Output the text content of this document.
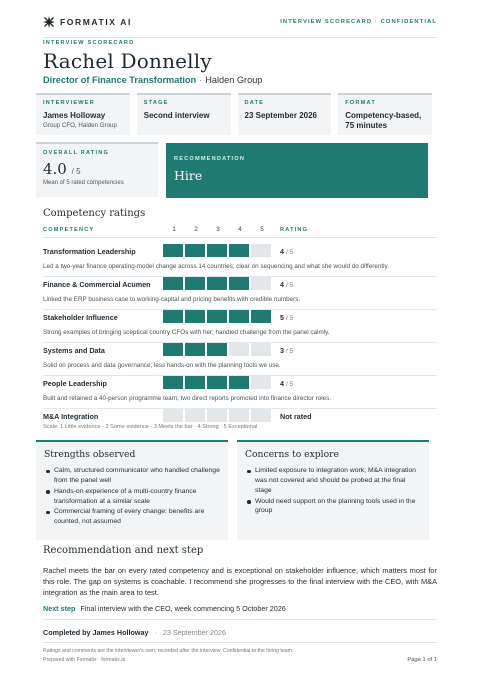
FORMATIX AI	INTERVIEW SCORECARD · CONFIDENTIAL
INTERVIEW SCORECARD
Rachel Donnelly
Director of Finance Transformation · Halden Group
INTERVIEWER
James Holloway
Group CFO, Halden Group
STAGE
Second interview
DATE
23 September 2026
FORMAT
Competency-based, 75 minutes
OVERALL RATING
4.0 / 5
Mean of 5 rated competencies
RECOMMENDATION
Hire
Competency ratings
COMPETENCY	1	2	3	4	5	RATING
Transformation Leadership	4 / 5
Led a two-year finance operating-model change across 14 countries; clear on sequencing and what she would do differently.
Finance & Commercial Acumen	4 / 5
Linked the ERP business case to working-capital and pricing benefits with credible numbers.
Stakeholder Influence	5 / 5
Strong examples of bringing sceptical country CFOs with her; handled challenge from the panel calmly.
Systems and Data	3 / 5
Solid on process and data governance; less hands-on with the planning tools we use.
People Leadership	4 / 5
Built and retained a 40-person programme team; two direct reports promoted into finance director roles.
M&A Integration	Not rated
Scale: 1 Little evidence · 2 Some evidence · 3 Meets the bar · 4 Strong · 5 Exceptional
Strengths observed
Calm, structured communicator who handled challenge from the panel well
Hands-on experience of a multi-country finance transformation at a similar scale
Commercial framing of every change: benefits are counted, not assumed
Concerns to explore
Limited exposure to integration work; M&A integration was not covered and should be probed at the final stage
Would need support on the planning tools used in the group
Recommendation and next step
Rachel meets the bar on every rated competency and is exceptional on stakeholder influence, which matters most for this role. The gap on systems is coachable. I recommend she progresses to the final interview with the CEO, with M&A integration as the main area to test.
Next step Final interview with the CEO, week commencing 5 October 2026
Completed by James Holloway · 23 September 2026
Ratings and comments are the interviewer's own, recorded after the interview. Confidential to the hiring team.
Prepared with Formatix · formatix.ai	Page 1 of 1
